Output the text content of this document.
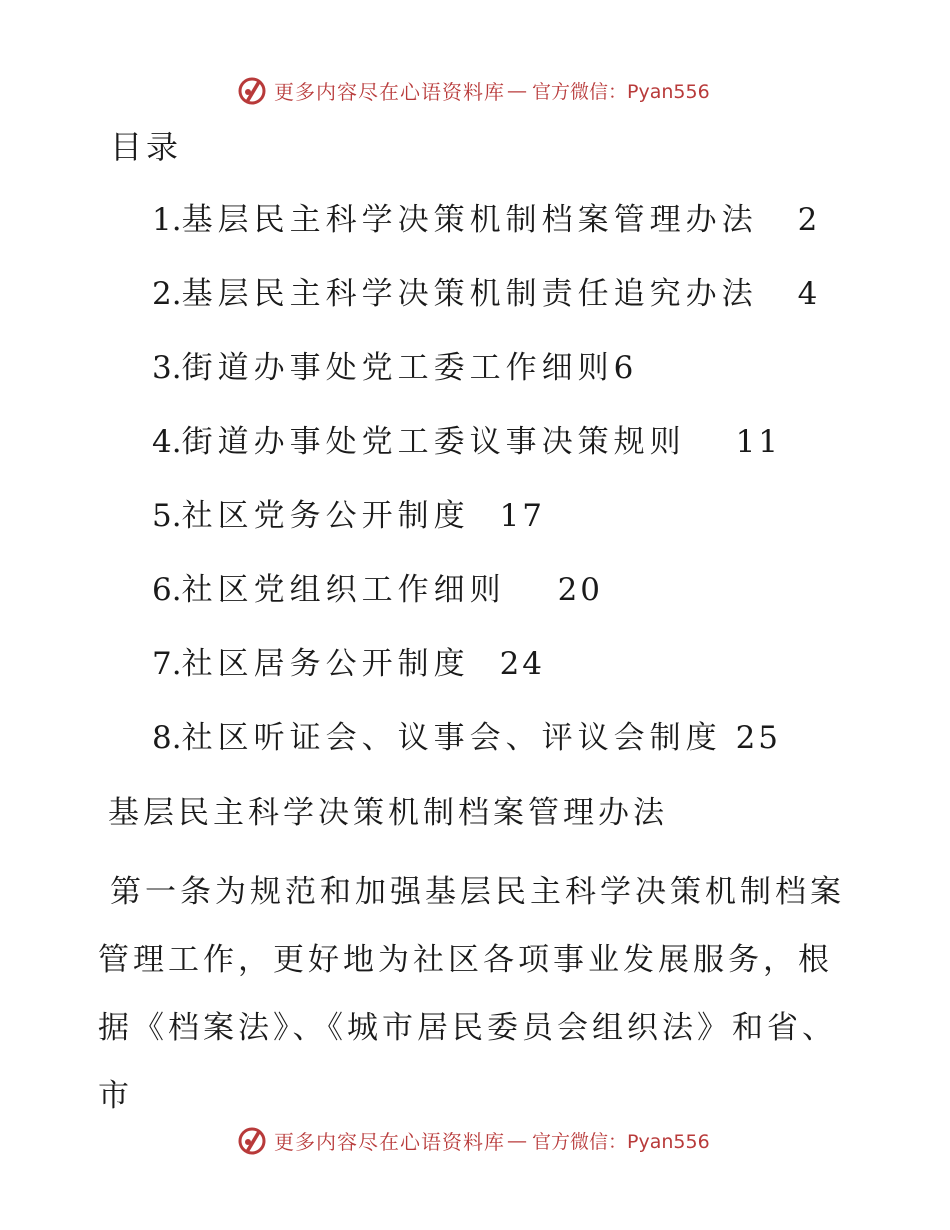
更多内容尽在心语资料库 — 官方微信：Pyan556
目录
1.基层民主科学决策机制档案管理办法 2
2.基层民主科学决策机制责任追究办法 4
3.街道办事处党工委工作细则6
4.街道办事处党工委议事决策规则 11
5.社区党务公开制度 17
6.社区党组织工作细则 20
7.社区居务公开制度 24
8.社区听证会、议事会、评议会制度 25
基层民主科学决策机制档案管理办法
第一条为规范和加强基层民主科学决策机制档案管理工作，更好地为社区各项事业发展服务，根据《档案法》、《城市居民委员会组织法》和省、市
更多内容尽在心语资料库 — 官方微信：Pyan556
